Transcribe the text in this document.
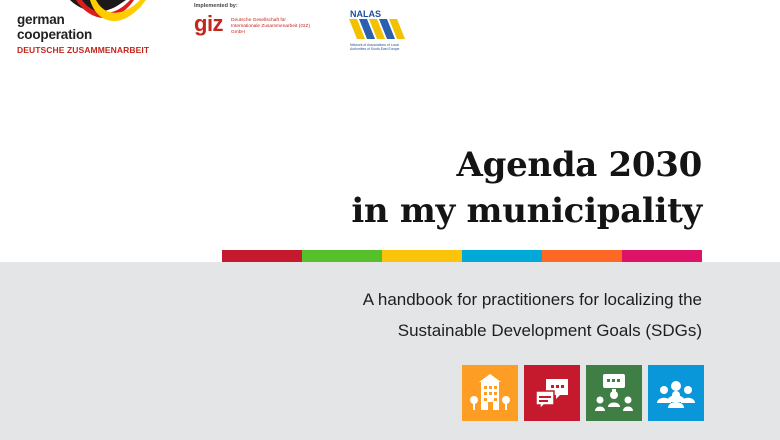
german
cooperation
DEUTSCHE ZUSAMMENARBEIT
Implemented by:
giz Deutsche Gesellschaft für Internationale Zusammenarbeit (GIZ) GmbH
NALAS
Network of Associations of Local Authorities of South-East Europe
Agenda 2030
in my municipality
A handbook for practitioners for localizing the
Sustainable Development Goals (SDGs)
